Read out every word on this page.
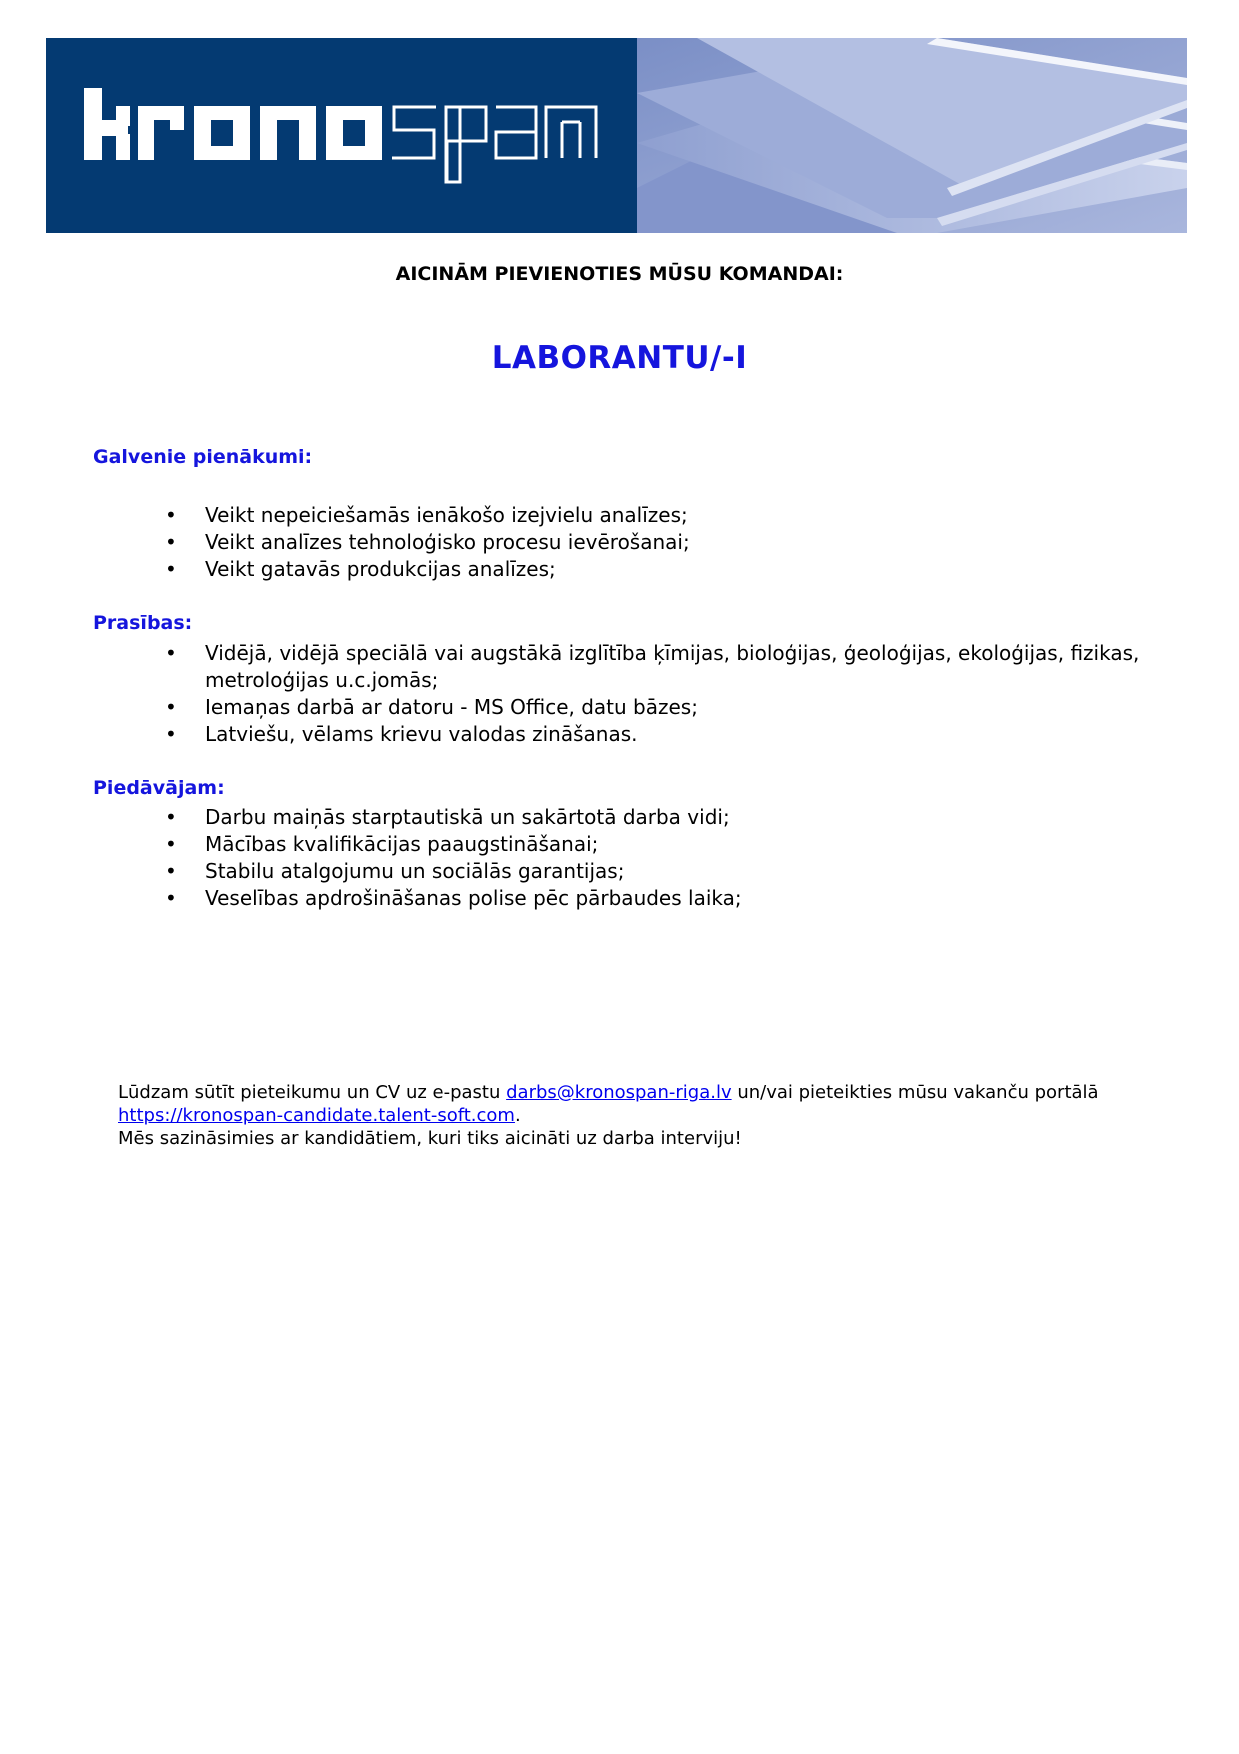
AICINĀM PIEVIENOTIES MŪSU KOMANDAI:

LABORANTU/-I
Galvenie pienākumi:
• Veikt nepeiciešamās ienākošo izejvielu analīzes;
• Veikt analīzes tehnoloģisko procesu ievērošanai;
• Veikt gatavās produkcijas analīzes;
Prasības:
• Vidējā, vidējā speciālā vai augstākā izglītība ķīmijas, bioloģijas, ģeoloģijas, ekoloģijas, fizikas, metroloģijas u.c.jomās;
• Iemaņas darbā ar datoru - MS Office, datu bāzes;
• Latviešu, vēlams krievu valodas zināšanas.
Piedāvājam:
• Darbu maiņās starptautiskā un sakārtotā darba vidi;
• Mācības kvalifikācijas paaugstināšanai;
• Stabilu atalgojumu un sociālās garantijas;
• Veselības apdrošināšanas polise pēc pārbaudes laika;
Lūdzam sūtīt pieteikumu un CV uz e-pastu darbs@kronospan-riga.lv un/vai pieteikties mūsu vakanču portālā
https://kronospan-candidate.talent-soft.com.
Mēs sazināsimies ar kandidātiem, kuri tiks aicināti uz darba interviju!
